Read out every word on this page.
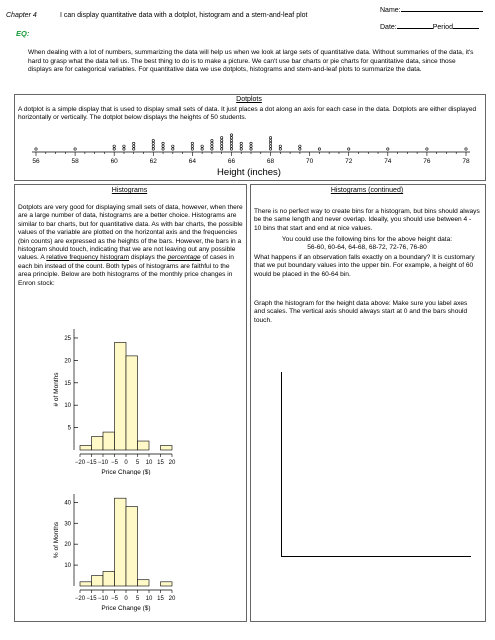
Chapter 4	I can display quantitative data with a dotplot, histogram and a stem-and-leaf plot
Name:
Date:	Period
EQ:
When dealing with a lot of numbers, summarizing the data will help us when we look at large sets of quantitative data. Without summaries of the data, it's hard to grasp what the data tell us. The best thing to do is to make a picture. We can't use bar charts or pie charts for quantitative data, since those displays are for categorical variables. For quantitative data we use dotplots, histograms and stem-and-leaf plots to summarize the data.
Dotplots
A dotplot is a simple display that is used to display small sets of data. It just places a dot along an axis for each case in the data. Dotplots are either displayed horizontally or vertically. The dotplot below displays the heights of 50 students.
56	58	60	62	64	66	68	70	72	74	76	78
Height (inches)
Histograms
Dotplots are very good for displaying small sets of data, however, when there are a large number of data, histograms are a better choice. Histograms are similar to bar charts, but for quantitative data. As with bar charts, the possible values of the variable are plotted on the horizontal axis and the frequencies (bin counts) are expressed as the heights of the bars. However, the bars in a histogram should touch, indicating that we are not leaving out any possible values. A relative frequency histogram displays the percentage of cases in each bin instead of the count. Both types of histograms are faithful to the area principle. Below are both histograms of the monthly price changes in Enron stock:
5
10
15
20
25
# of Months
−20 −15 −10 −5 0 5 10 15 20
Price Change ($)
10
20
30
40
% of Months
−20 −15 −10 −5 0 5 10 15 20
Price Change ($)
Histograms (continued)
There is no perfect way to create bins for a histogram, but bins should always be the same length and never overlap. Ideally, you should use between 4 - 10 bins that start and end at nice values.
You could use the following bins for the above height data:
56-60, 60-64, 64-68, 68-72, 72-76, 76-80
What happens if an observation falls exactly on a boundary? It is customary that we put boundary values into the upper bin. For example, a height of 60 would be placed in the 60-64 bin.
Graph the histogram for the height data above: Make sure you label axes and scales. The vertical axis should always start at 0 and the bars should touch.
